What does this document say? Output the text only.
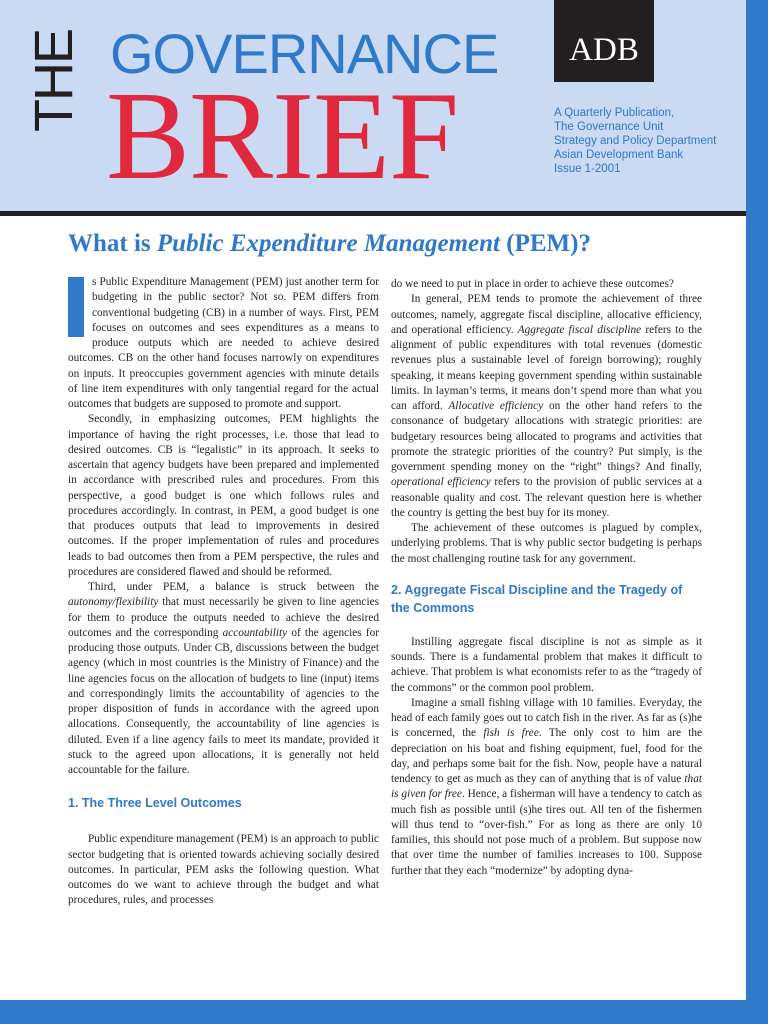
THE GOVERNANCE
BRIEF
ADB
A Quarterly Publication,
The Governance Unit
Strategy and Policy Department
Asian Development Bank
Issue 1-2001
What is Public Expenditure Management (PEM)?
I	s Public Expenditure Management (PEM) just another term for budgeting in the public sector? Not so. PEM differs from conventional budgeting (CB) in a number of ways. First, PEM focuses on outcomes and sees expenditures as a means to produce outputs which are needed to achieve desired outcomes. CB on the other hand focuses narrowly on expenditures on inputs. It preoccupies government agencies with minute details of line item expenditures with only tangential regard for the actual outcomes that budgets are supposed to promote and support.

Secondly, in emphasizing outcomes, PEM highlights the importance of having the right processes, i.e. those that lead to desired outcomes. CB is “legalistic” in its approach. It seeks to ascertain that agency budgets have been prepared and implemented in accordance with prescribed rules and procedures. From this perspective, a good budget is one which follows rules and procedures accordingly. In contrast, in PEM, a good budget is one that produces outputs that lead to improvements in desired outcomes. If the proper implementation of rules and procedures leads to bad outcomes then from a PEM perspective, the rules and procedures are considered flawed and should be reformed.

Third, under PEM, a balance is struck between the autonomy/flexibility that must necessarily be given to line agencies for them to produce the outputs needed to achieve the desired outcomes and the corresponding accountability of the agencies for producing those outputs. Under CB, discussions between the budget agency (which in most countries is the Ministry of Finance) and the line agencies focus on the allocation of budgets to line (input) items and correspondingly limits the accountability of agencies to the proper disposition of funds in accordance with the agreed upon allocations. Consequently, the accountability of line agencies is diluted. Even if a line agency fails to meet its mandate, provided it stuck to the agreed upon allocations, it is generally not held accountable for the failure.

1. The Three Level Outcomes

Public expenditure management (PEM) is an approach to public sector budgeting that is oriented towards achieving socially desired outcomes. In particular, PEM asks the following question. What outcomes do we want to achieve through the budget and what procedures, rules, and processes

do we need to put in place in order to achieve these outcomes?

In general, PEM tends to promote the achievement of three outcomes, namely, aggregate fiscal discipline, allocative efficiency, and operational efficiency. Aggregate fiscal discipline refers to the alignment of public expenditures with total revenues (domestic revenues plus a sustainable level of foreign borrowing); roughly speaking, it means keeping government spending within sustainable limits. In layman’s terms, it means don’t spend more than what you can afford. Allocative efficiency on the other hand refers to the consonance of budgetary allocations with strategic priorities: are budgetary resources being allocated to programs and activities that promote the strategic priorities of the country? Put simply, is the government spending money on the “right” things? And finally, operational efficiency refers to the provision of public services at a reasonable quality and cost. The relevant question here is whether the country is getting the best buy for its money.

The achievement of these outcomes is plagued by complex, underlying problems. That is why public sector budgeting is perhaps the most challenging routine task for any government.

2. Aggregate Fiscal Discipline and the Tragedy of the Commons

Instilling aggregate fiscal discipline is not as simple as it sounds. There is a fundamental problem that makes it difficult to achieve. That problem is what economists refer to as the “tragedy of the commons” or the common pool problem.

Imagine a small fishing village with 10 families. Everyday, the head of each family goes out to catch fish in the river. As far as (s)he is concerned, the fish is free. The only cost to him are the depreciation on his boat and fishing equipment, fuel, food for the day, and perhaps some bait for the fish. Now, people have a natural tendency to get as much as they can of anything that is of value that is given for free. Hence, a fisherman will have a tendency to catch as much fish as possible until (s)he tires out. All ten of the fishermen will thus tend to “over-fish.” For as long as there are only 10 families, this should not pose much of a problem. But suppose now that over time the number of families increases to 100. Suppose further that they each “modernize” by adopting dyna-
